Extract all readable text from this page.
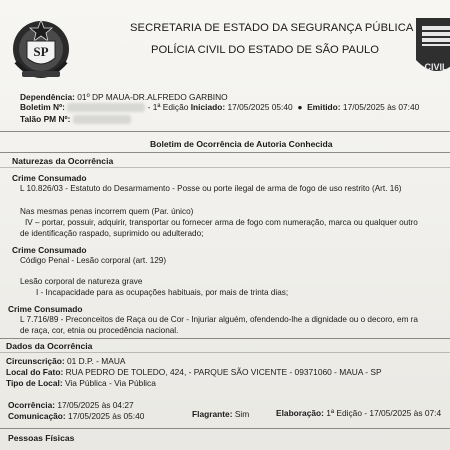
SP
CIVIL
SECRETARIA DE ESTADO DA SEGURANÇA PÚBLICA
POLÍCIA CIVIL DO ESTADO DE SÃO PAULO
Dependência: 01º DP MAUA-DR.ALFREDO GARBINO
Boletim Nº:	- 1ª Edição Iniciado: 17/05/2025 05:40  ●  Emitido: 17/05/2025 às 07:40
Talão PM Nº:
Boletim de Ocorrência de Autoria Conhecida
Naturezas da Ocorrência
Crime Consumado
L 10.826/03 - Estatuto do Desarmamento - Posse ou porte ilegal de arma de fogo de uso restrito (Art. 16)
Nas mesmas penas incorrem quem (Par. único)
IV – portar, possuir, adquirir, transportar ou fornecer arma de fogo com numeração, marca ou qualquer outro
de identificação raspado, suprimido ou adulterado;
Crime Consumado
Código Penal - Lesão corporal (art. 129)
Lesão corporal de natureza grave
I - Incapacidade para as ocupações habituais, por mais de trinta dias;
Crime Consumado
L 7.716/89 - Preconceitos de Raça ou de Cor - Injuriar alguém, ofendendo-lhe a dignidade ou o decoro, em ra
de raça, cor, etnia ou procedência nacional.
Dados da Ocorrência
Circunscrição: 01 D.P. - MAUA
Local do Fato: RUA PEDRO DE TOLEDO, 424, - PARQUE SÃO VICENTE - 09371060 - MAUA - SP
Tipo de Local: Via Pública - Via Pública
Ocorrência: 17/05/2025 às 04:27
Comunicação: 17/05/2025 às 05:40	Flagrante: Sim	Elaboração: 1ª Edição - 17/05/2025 às 07:4
Pessoas Físicas
